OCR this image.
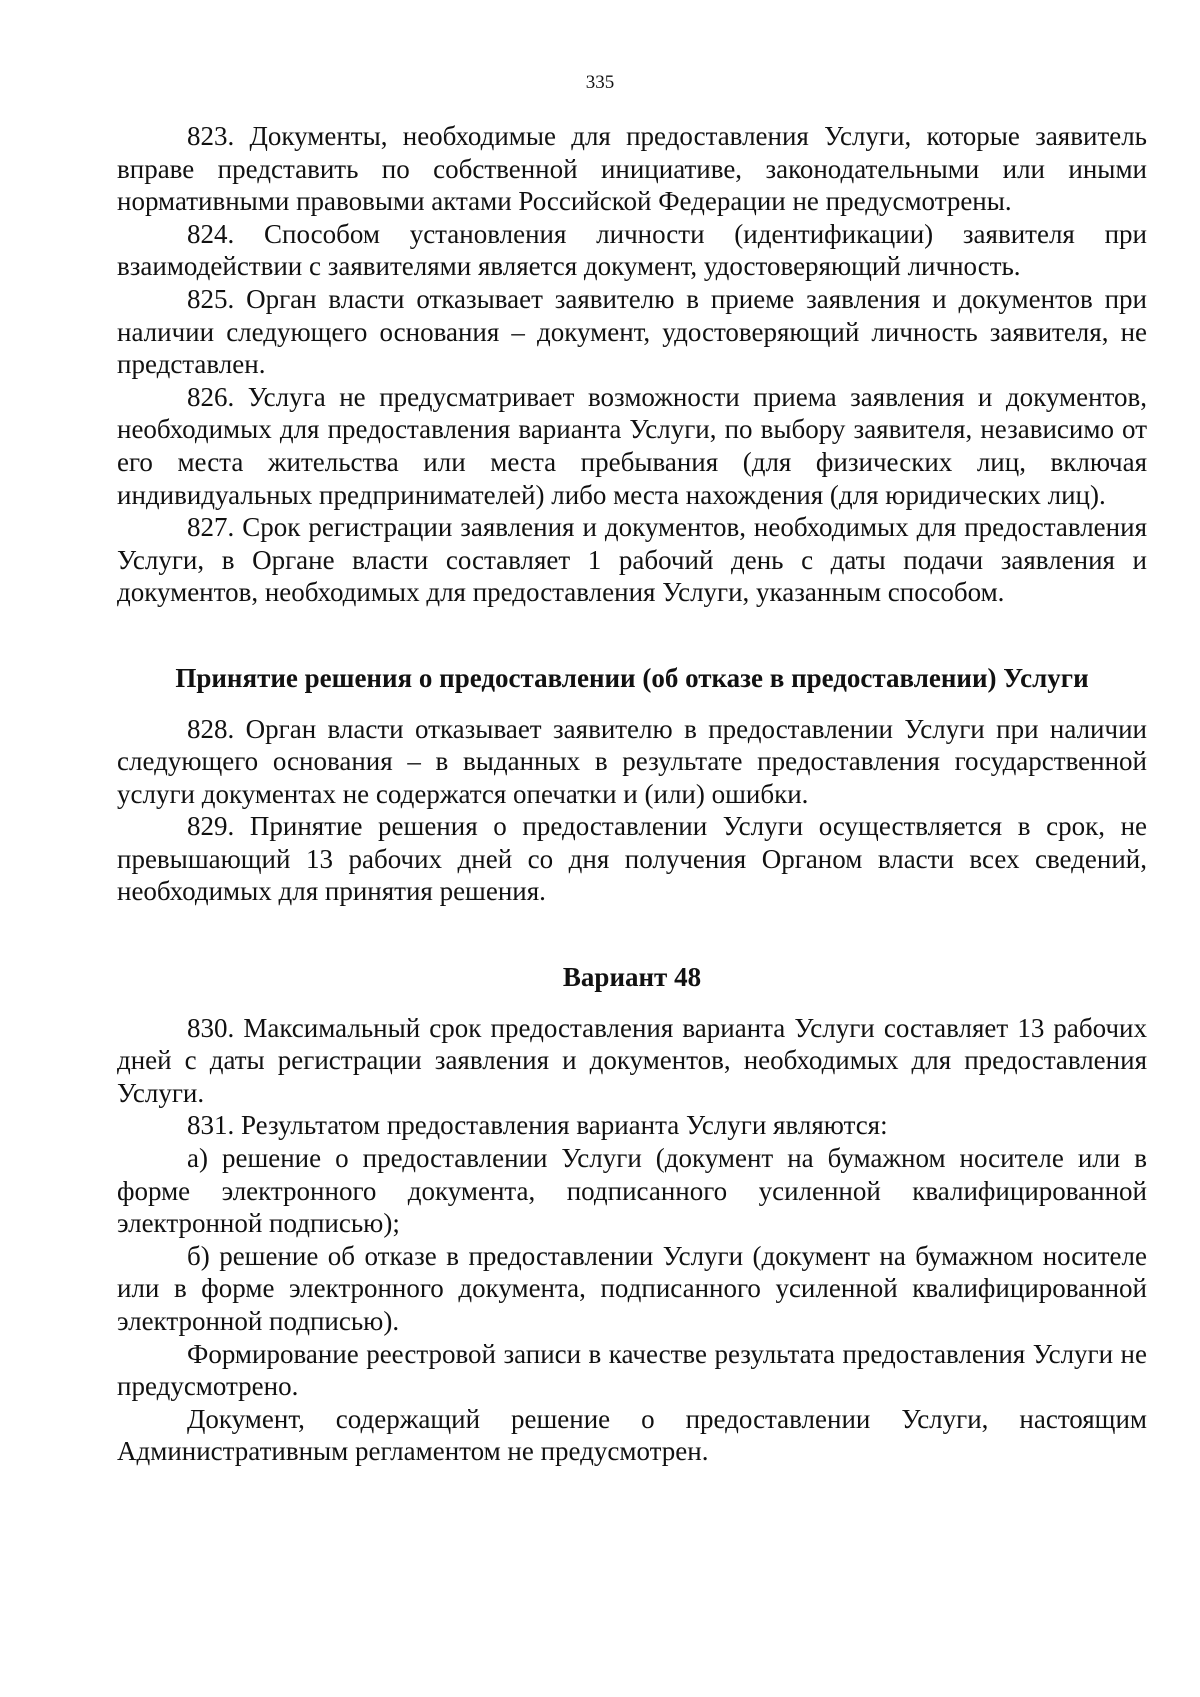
335

823. Документы, необходимые для предоставления Услуги, которые заявитель вправе представить по собственной инициативе, законодательными или иными нормативными правовыми актами Российской Федерации не предусмотрены.

824. Способом установления личности (идентификации) заявителя при взаимодействии с заявителями является документ, удостоверяющий личность.

825. Орган власти отказывает заявителю в приеме заявления и документов при наличии следующего основания – документ, удостоверяющий личность заявителя, не представлен.

826. Услуга не предусматривает возможности приема заявления и документов, необходимых для предоставления варианта Услуги, по выбору заявителя, независимо от его места жительства или места пребывания (для физических лиц, включая индивидуальных предпринимателей) либо места нахождения (для юридических лиц).

827. Срок регистрации заявления и документов, необходимых для предоставления Услуги, в Органе власти составляет 1 рабочий день с даты подачи заявления и документов, необходимых для предоставления Услуги, указанным способом.

Принятие решения о предоставлении (об отказе в предоставлении) Услуги

828. Орган власти отказывает заявителю в предоставлении Услуги при наличии следующего основания – в выданных в результате предоставления государственной услуги документах не содержатся опечатки и (или) ошибки.

829. Принятие решения о предоставлении Услуги осуществляется в срок, не превышающий 13 рабочих дней со дня получения Органом власти всех сведений, необходимых для принятия решения.

Вариант 48

830. Максимальный срок предоставления варианта Услуги составляет 13 рабочих дней с даты регистрации заявления и документов, необходимых для предоставления Услуги.

831. Результатом предоставления варианта Услуги являются:

а) решение о предоставлении Услуги (документ на бумажном носителе или в форме электронного документа, подписанного усиленной квалифицированной электронной подписью);

б) решение об отказе в предоставлении Услуги (документ на бумажном носителе или в форме электронного документа, подписанного усиленной квалифицированной электронной подписью).

Формирование реестровой записи в качестве результата предоставления Услуги не предусмотрено.

Документ, содержащий решение о предоставлении Услуги, настоящим Административным регламентом не предусмотрен.
